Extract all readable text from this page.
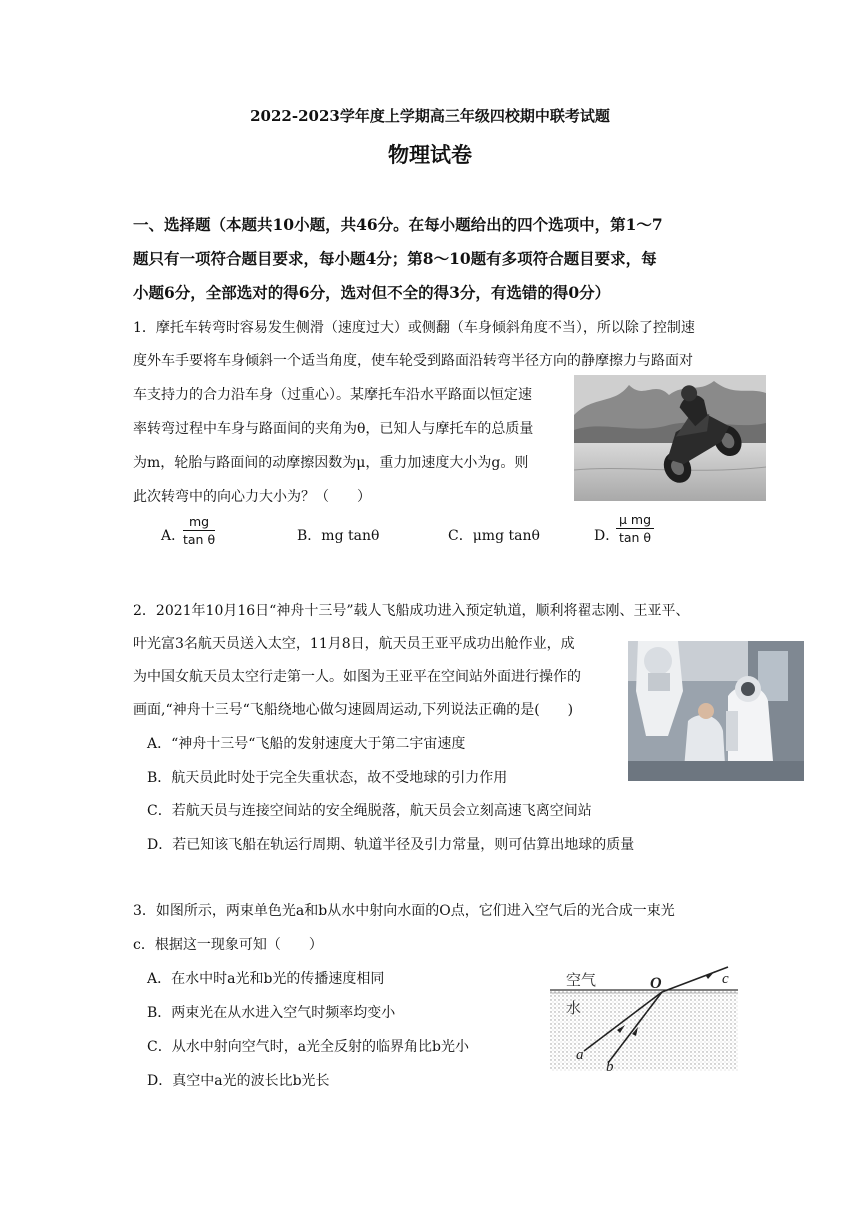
2022-2023学年度上学期高三年级四校期中联考试题
物理试卷
一、选择题（本题共10小题，共46分。在每小题给出的四个选项中，第1～7
题只有一项符合题目要求，每小题4分；第8～10题有多项符合题目要求，每
小题6分，全部选对的得6分，选对但不全的得3分，有选错的得0分）
1．摩托车转弯时容易发生侧滑（速度过大）或侧翻（车身倾斜角度不当），所以除了控制速
度外车手要将车身倾斜一个适当角度，使车轮受到路面沿转弯半径方向的静摩擦力与路面对
车支持力的合力沿车身（过重心）。某摩托车沿水平路面以恒定速
率转弯过程中车身与路面间的夹角为θ，已知人与摩托车的总质量
为m，轮胎与路面间的动摩擦因数为μ，重力加速度大小为g。则
此次转弯中的向心力大小为？（　　）
A．
mg
tan θ	B．mg tanθ	C．μmg tanθ	D．
μ mg
tan θ
2．2021年10月16日“神舟十三号”载人飞船成功进入预定轨道，顺利将翟志刚、王亚平、
叶光富3名航天员送入太空，11月8日，航天员王亚平成功出舱作业，成
为中国女航天员太空行走第一人。如图为王亚平在空间站外面进行操作的
画面,“神舟十三号“飞船绕地心做匀速圆周运动,下列说法正确的是(　　)
A．“神舟十三号“飞船的发射速度大于第二宇宙速度
B．航天员此时处于完全失重状态，故不受地球的引力作用
C．若航天员与连接空间站的安全绳脱落，航天员会立刻高速飞离空间站
D．若已知该飞船在轨运行周期、轨道半径及引力常量，则可估算出地球的质量
3．如图所示，两束单色光a和b从水中射向水面的O点，它们进入空气后的光合成一束光
c．根据这一现象可知（　　）
A．在水中时a光和b光的传播速度相同
B．两束光在从水进入空气时频率均变小
C．从水中射向空气时，a光全反射的临界角比b光小
D．真空中a光的波长比b光长
空气
水
O
a
b
c
